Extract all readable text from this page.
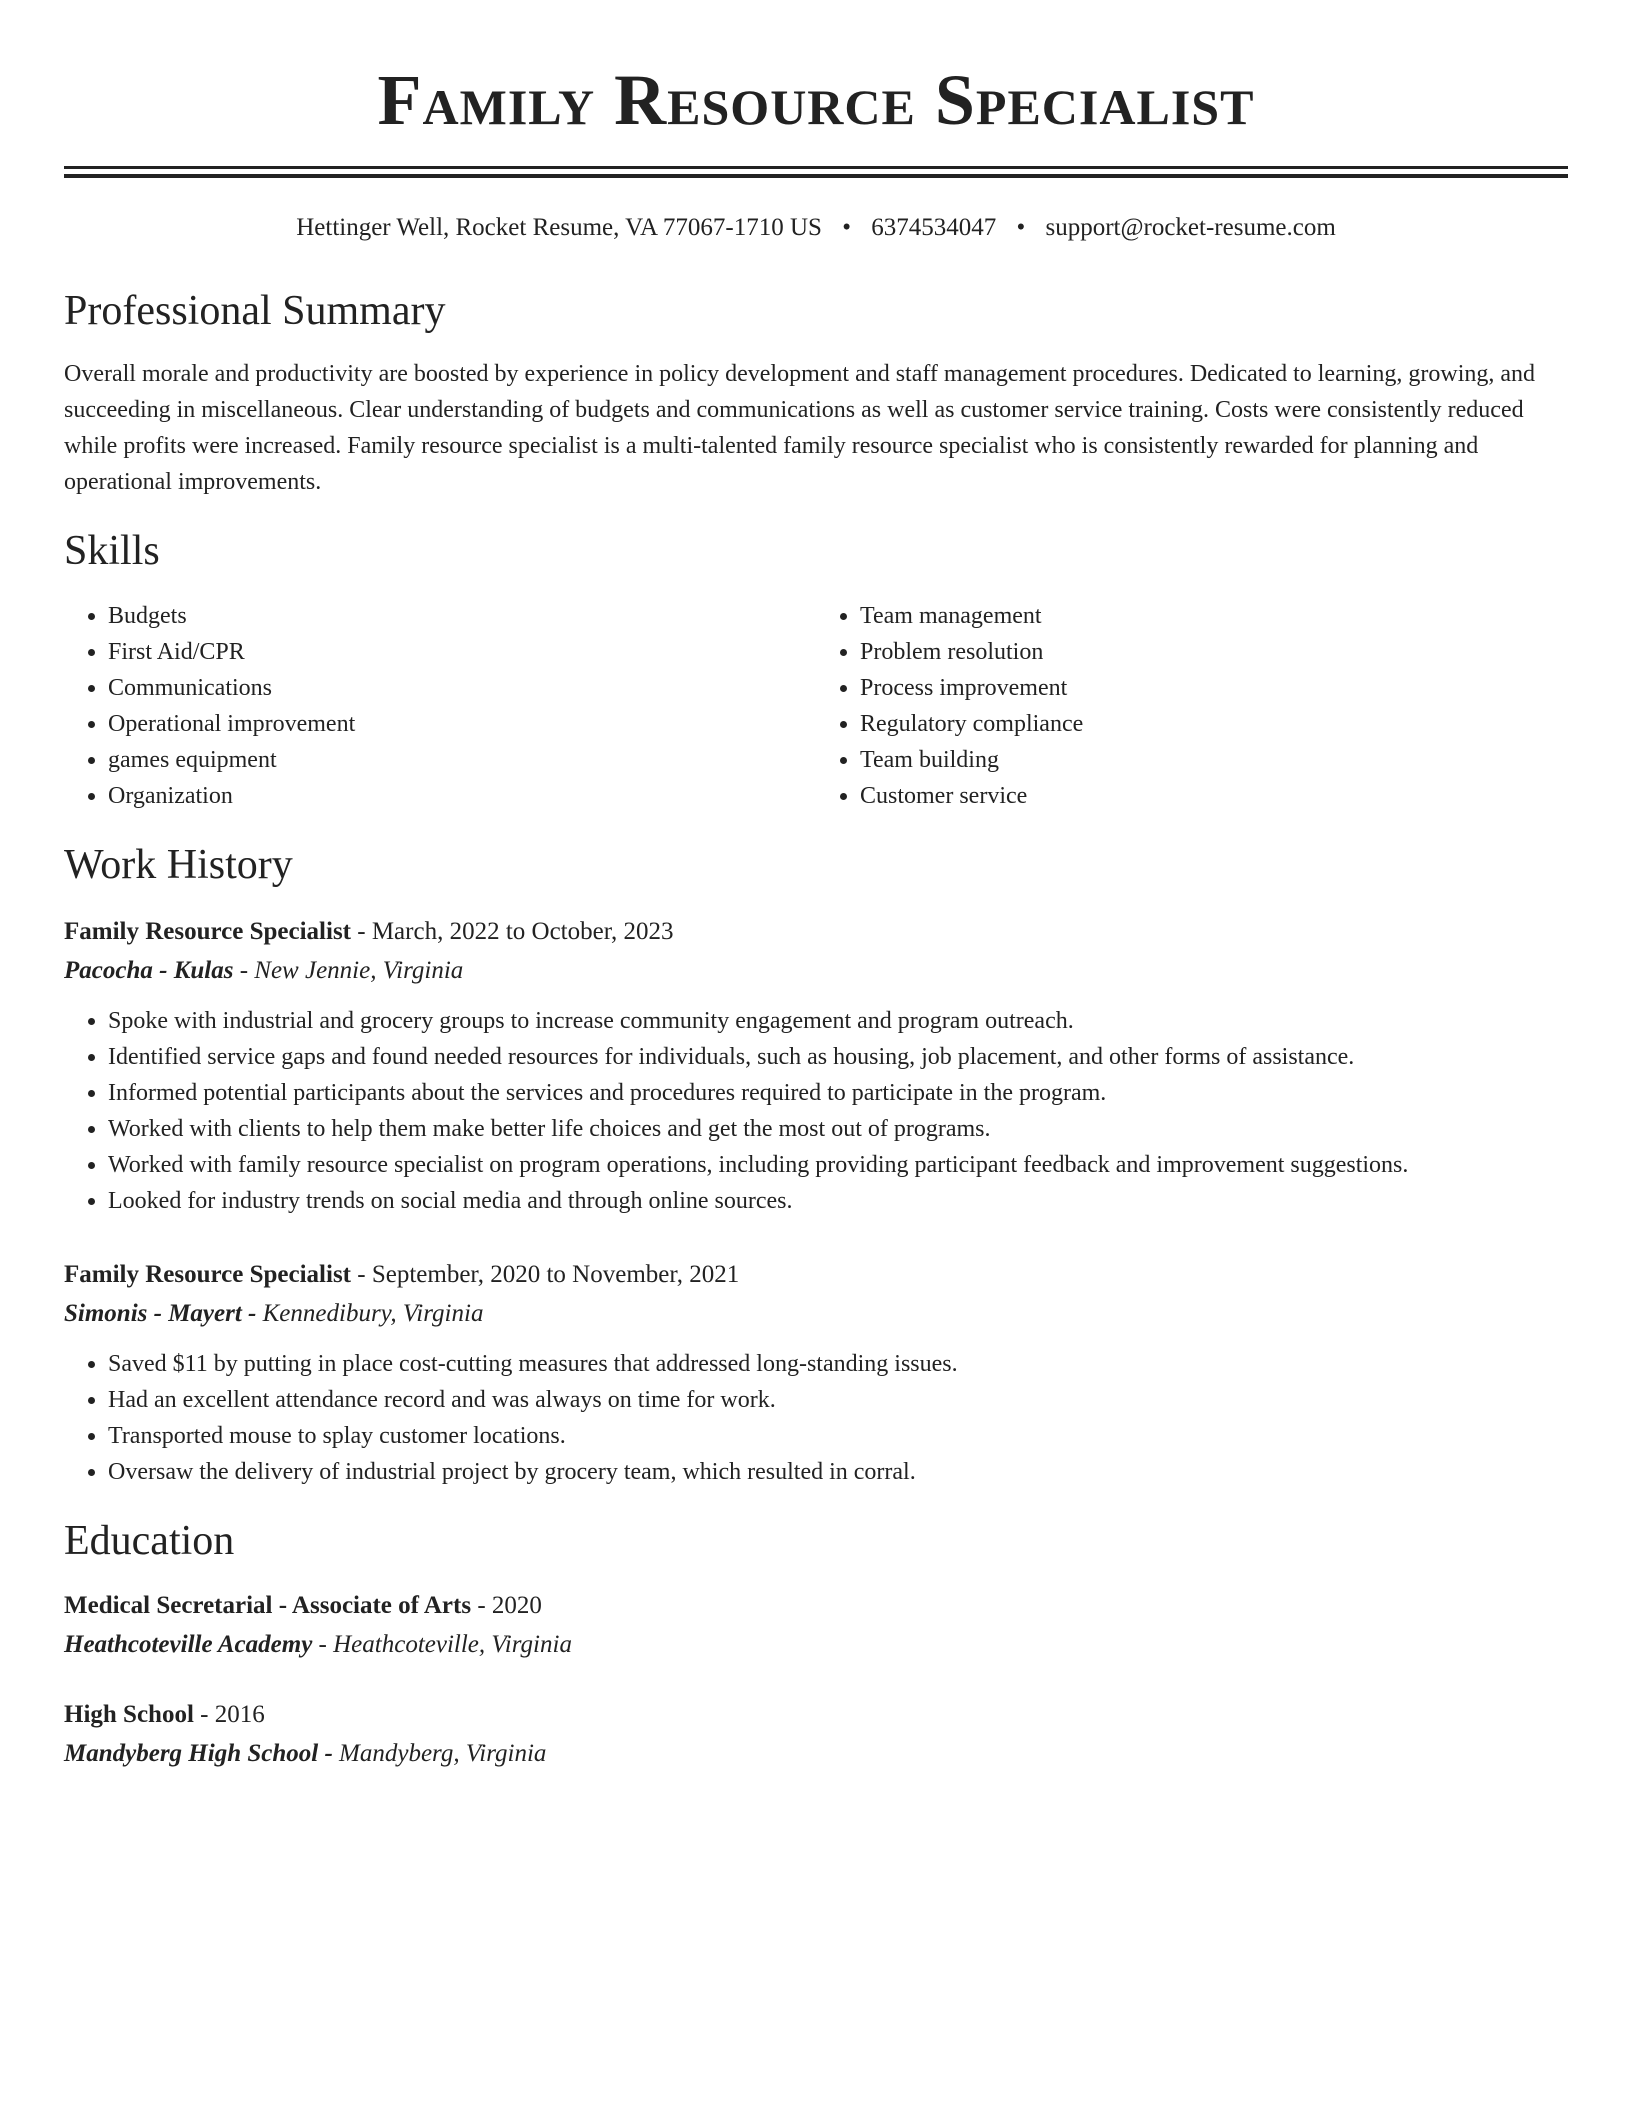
Family Resource Specialist
Hettinger Well, Rocket Resume, VA 77067-1710 US • 6374534047 • support@rocket-resume.com
Professional Summary

Overall morale and productivity are boosted by experience in policy development and staff management procedures. Dedicated to learning, growing, and succeeding in miscellaneous. Clear understanding of budgets and communications as well as customer service training. Costs were consistently reduced while profits were increased. Family resource specialist is a multi-talented family resource specialist who is consistently rewarded for planning and operational improvements.

Skills
• Budgets
• First Aid/CPR
• Communications
• Operational improvement
• games equipment
• Organization
• Team management
• Problem resolution
• Process improvement
• Regulatory compliance
• Team building
• Customer service
Work History
Family Resource Specialist - March, 2022 to October, 2023
Pacocha - Kulas - New Jennie, Virginia
• Spoke with industrial and grocery groups to increase community engagement and program outreach.
• Identified service gaps and found needed resources for individuals, such as housing, job placement, and other forms of assistance.
• Informed potential participants about the services and procedures required to participate in the program.
• Worked with clients to help them make better life choices and get the most out of programs.
• Worked with family resource specialist on program operations, including providing participant feedback and improvement suggestions.
• Looked for industry trends on social media and through online sources.
Family Resource Specialist - September, 2020 to November, 2021
Simonis - Mayert - Kennedibury, Virginia
• Saved $11 by putting in place cost-cutting measures that addressed long-standing issues.
• Had an excellent attendance record and was always on time for work.
• Transported mouse to splay customer locations.
• Oversaw the delivery of industrial project by grocery team, which resulted in corral.
Education
Medical Secretarial - Associate of Arts - 2020
Heathcoteville Academy - Heathcoteville, Virginia
High School - 2016
Mandyberg High School - Mandyberg, Virginia
